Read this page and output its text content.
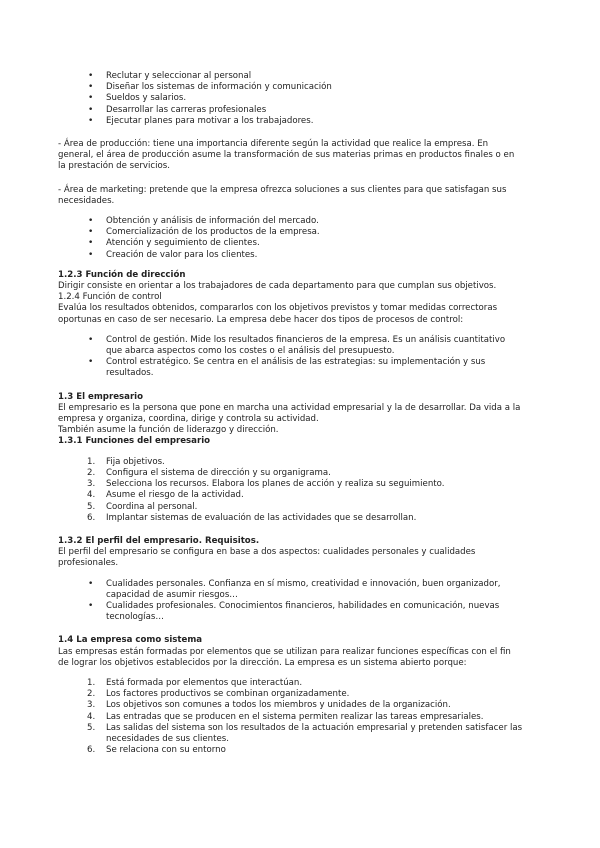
• Reclutar y seleccionar al personal
• Diseñar los sistemas de información y comunicación
• Sueldos y salarios.
• Desarrollar las carreras profesionales
• Ejecutar planes para motivar a los trabajadores.

- Área de producción: tiene una importancia diferente según la actividad que realice la empresa. En general, el área de producción asume la transformación de sus materias primas en productos finales o en la prestación de servicios.

- Área de marketing: pretende que la empresa ofrezca soluciones a sus clientes para que satisfagan sus necesidades.

• Obtención y análisis de información del mercado.
• Comercialización de los productos de la empresa.
• Atención y seguimiento de clientes.
• Creación de valor para los clientes.

1.2.3 Función de dirección

Dirigir consiste en orientar a los trabajadores de cada departamento para que cumplan sus objetivos.

1.2.4 Función de control

Evalúa los resultados obtenidos, compararlos con los objetivos previstos y tomar medidas correctoras oportunas en caso de ser necesario. La empresa debe hacer dos tipos de procesos de control:

• Control de gestión. Mide los resultados financieros de la empresa. Es un análisis cuantitativo que abarca aspectos como los costes o el análisis del presupuesto.
• Control estratégico. Se centra en el análisis de las estrategias: su implementación y sus resultados.

1.3 El empresario

El empresario es la persona que pone en marcha una actividad empresarial y la de desarrollar. Da vida a la empresa y organiza, coordina, dirige y controla su actividad.

También asume la función de liderazgo y dirección.

1.3.1 Funciones del empresario

1. Fija objetivos.
2. Configura el sistema de dirección y su organigrama.
3. Selecciona los recursos. Elabora los planes de acción y realiza su seguimiento.
4. Asume el riesgo de la actividad.
5. Coordina al personal.
6. Implantar sistemas de evaluación de las actividades que se desarrollan.

1.3.2 El perfil del empresario. Requisitos.

El perfil del empresario se configura en base a dos aspectos: cualidades personales y cualidades profesionales.

• Cualidades personales. Confianza en sí mismo, creatividad e innovación, buen organizador, capacidad de asumir riesgos…
• Cualidades profesionales. Conocimientos financieros, habilidades en comunicación, nuevas tecnologías…

1.4 La empresa como sistema

Las empresas están formadas por elementos que se utilizan para realizar funciones específicas con el fin de lograr los objetivos establecidos por la dirección. La empresa es un sistema abierto porque:

1. Está formada por elementos que interactúan.
2. Los factores productivos se combinan organizadamente.
3. Los objetivos son comunes a todos los miembros y unidades de la organización.
4. Las entradas que se producen en el sistema permiten realizar las tareas empresariales.
5. Las salidas del sistema son los resultados de la actuación empresarial y pretenden satisfacer las necesidades de sus clientes.
6. Se relaciona con su entorno
